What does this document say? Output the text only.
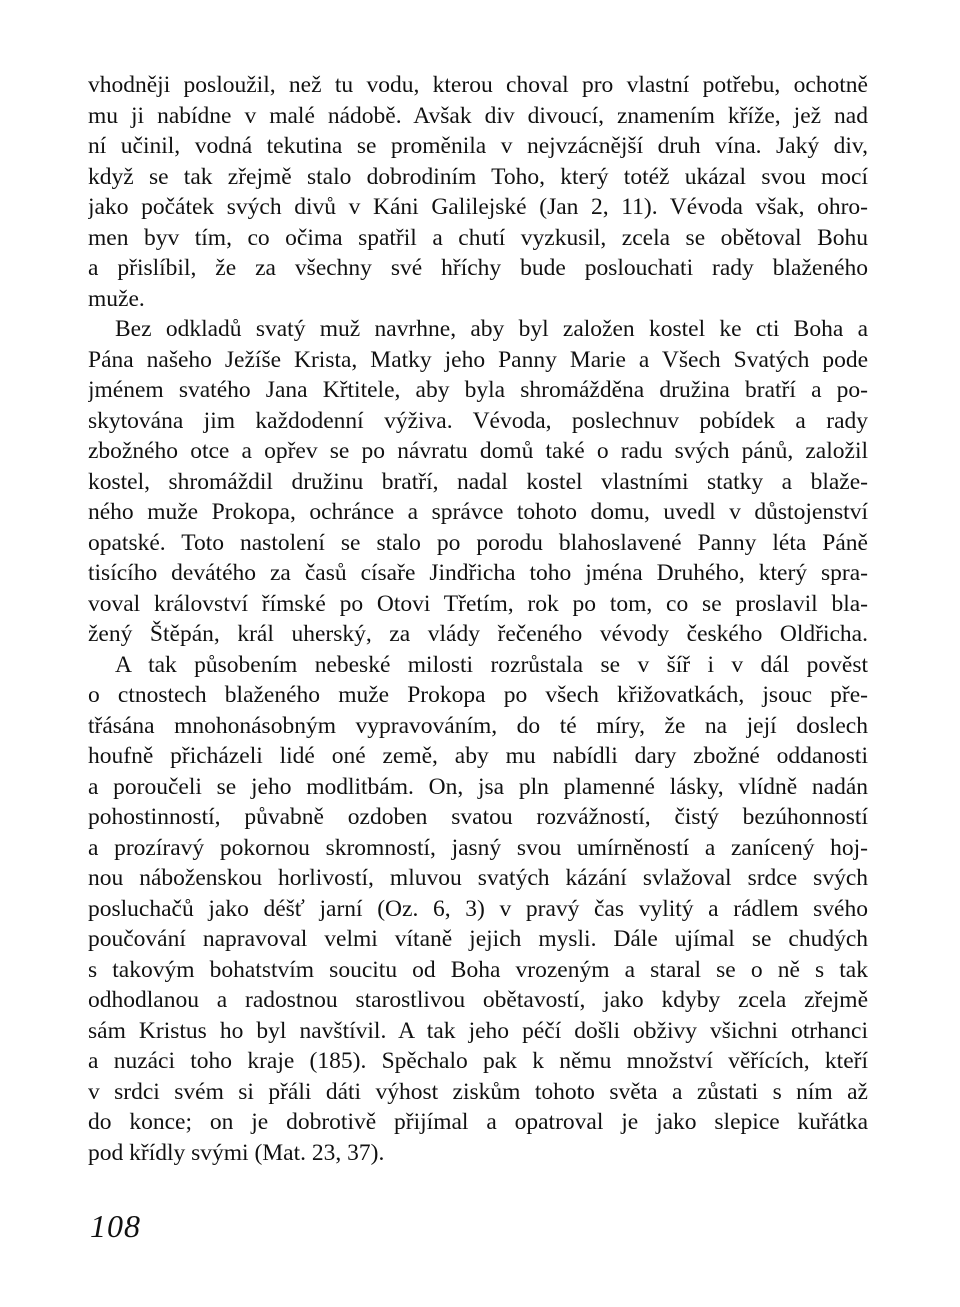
vhodněji posloužil, než tu vodu, kterou choval pro vlastní potřebu, ochotně
mu ji nabídne v malé nádobě. Avšak div divoucí, znamením kříže, jež nad
ní učinil, vodná tekutina se proměnila v nejvzácnější druh vína. Jaký div,
když se tak zřejmě stalo dobrodiním Toho, který totéž ukázal svou mocí
jako počátek svých divů v Káni Galilejské (Jan 2, 11). Vévoda však, ohro-
men byv tím, co očima spatřil a chutí vyzkusil, zcela se obětoval Bohu
a přislíbil, že za všechny své hříchy bude poslouchati rady blaženého
muže.
Bez odkladů svatý muž navrhne, aby byl založen kostel ke cti Boha a
Pána našeho Ježíše Krista, Matky jeho Panny Marie a Všech Svatých pode
jménem svatého Jana Křtitele, aby byla shromážděna družina bratří a po-
skytována jim každodenní výživa. Vévoda, poslechnuv pobídek a rady
zbožného otce a opřev se po návratu domů také o radu svých pánů, založil
kostel, shromáždil družinu bratří, nadal kostel vlastními statky a blaže-
ného muže Prokopa, ochránce a správce tohoto domu, uvedl v důstojenství
opatské. Toto nastolení se stalo po porodu blahoslavené Panny léta Páně
tisícího devátého za časů císaře Jindřicha toho jména Druhého, který spra-
voval království římské po Otovi Třetím, rok po tom, co se proslavil bla-
žený Štěpán, král uherský, za vlády řečeného vévody českého Oldřicha.
A tak působením nebeské milosti rozrůstala se v šíř i v dál pověst
o ctnostech blaženého muže Prokopa po všech křižovatkách, jsouc pře-
třásána mnohonásobným vypravováním, do té míry, že na její doslech
houfně přicházeli lidé oné země, aby mu nabídli dary zbožné oddanosti
a poroučeli se jeho modlitbám. On, jsa pln plamenné lásky, vlídně nadán
pohostinností, půvabně ozdoben svatou rozvážností, čistý bezúhonností
a prozíravý pokornou skromností, jasný svou umírněností a zanícený hoj-
nou náboženskou horlivostí, mluvou svatých kázání svlažoval srdce svých
posluchačů jako déšť jarní (Oz. 6, 3) v pravý čas vylitý a rádlem svého
poučování napravoval velmi vítaně jejich mysli. Dále ujímal se chudých
s takovým bohatstvím soucitu od Boha vrozeným a staral se o ně s tak
odhodlanou a radostnou starostlivou obětavostí, jako kdyby zcela zřejmě
sám Kristus ho byl navštívil. A tak jeho péčí došli obživy všichni otrhanci
a nuzáci toho kraje (185). Spěchalo pak k němu množství věřících, kteří
v srdci svém si přáli dáti výhost ziskům tohoto světa a zůstati s ním až
do konce; on je dobrotivě přijímal a opatroval je jako slepice kuřátka
pod křídly svými (Mat. 23, 37).
108
